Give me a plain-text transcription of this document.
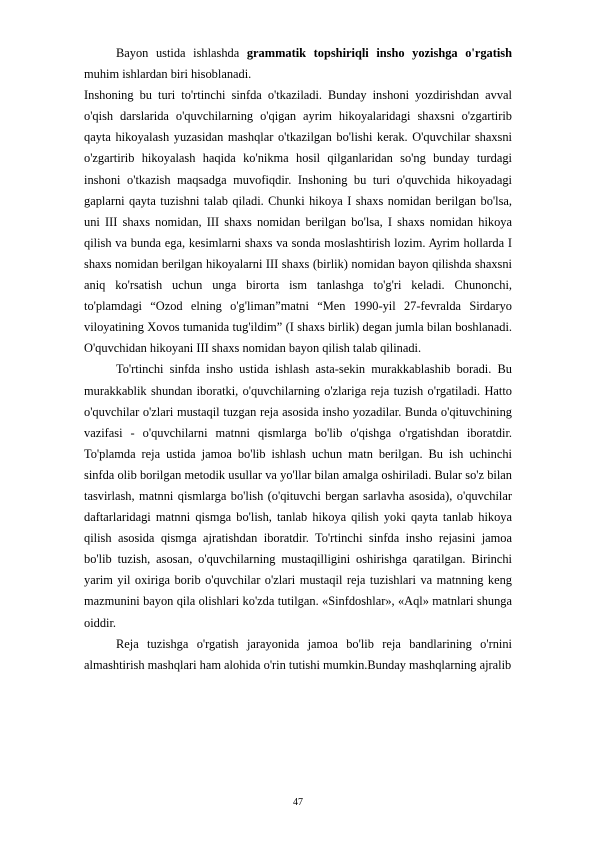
Bayon ustida ishlashda grammatik topshiriqli insho yozishga o'rgatish muhim ishlardan biri hisoblanadi.

Inshoning bu turi to'rtinchi sinfda o'tkaziladi. Bunday inshoni yozdirishdan avval o'qish darslarida o'quvchilarning o'qigan ayrim hikoyalaridagi shaxsni o'zgartirib qayta hikoyalash yuzasidan mashqlar o'tkazilgan bo'lishi kerak. O'quvchilar shaxsni o'zgartirib hikoyalash haqida ko'nikma hosil qilganlaridan so'ng bunday turdagi inshoni o'tkazish maqsadga muvofiqdir. Inshoning bu turi o'quvchida hikoyadagi gaplarni qayta tuzishni talab qiladi. Chunki hikoya I shaxs nomidan berilgan bo'lsa, uni III shaxs nomidan, III shaxs nomidan berilgan bo'lsa, I shaxs nomidan hikoya qilish va bunda ega, kesimlarni shaxs va sonda moslashtirish lozim. Ayrim hollarda I shaxs nomidan berilgan hikoyalarni III shaxs (birlik) nomidan bayon qilishda shaxsni aniq ko'rsatish uchun unga birorta ism tanlashga to'g'ri keladi. Chunonchi, to'plamdagi “Ozod elning o'g'liman”matni “Men 1990-yil 27-fevralda Sirdaryo viloyatining Xovos tumanida tug'ildim” (I shaxs birlik) degan jumla bilan boshlanadi. O'quvchidan hikoyani III shaxs nomidan bayon qilish talab qilinadi.

To'rtinchi sinfda insho ustida ishlash asta-sekin murakkablashib boradi. Bu murakkablik shundan iboratki, o'quvchilarning o'zlariga reja tuzish o'rgatiladi. Hatto o'quvchilar o'zlari mustaqil tuzgan reja asosida insho yozadilar. Bunda o'qituvchining vazifasi - o'quvchilarni matnni qismlarga bo'lib o'qishga o'rgatishdan iboratdir. To'plamda reja ustida jamoa bo'lib ishlash uchun matn berilgan. Bu ish uchinchi sinfda olib borilgan metodik usullar va yo'llar bilan amalga oshiriladi. Bular so'z bilan tasvirlash, matnni qismlarga bo'lish (o'qituvchi bergan sarlavha asosida), o'quvchilar daftarlaridagi matnni qismga bo'lish, tanlab hikoya qilish yoki qayta tanlab hikoya qilish asosida qismga ajratishdan iboratdir. To'rtinchi sinfda insho rejasini jamoa bo'lib tuzish, asosan, o'quvchilarning mustaqilligini oshirishga qaratilgan. Birinchi yarim yil oxiriga borib o'quvchilar o'zlari mustaqil reja tuzishlari va matnning keng mazmunini bayon qila olishlari ko'zda tutilgan. «Sinfdoshlar», «Aql» matnlari shunga oiddir.

Reja tuzishga o'rgatish jarayonida jamoa bo'lib reja bandlarining o'rnini almashtirish mashqlari ham alohida o'rin tutishi mumkin.Bunday mashqlarning ajralib

47
